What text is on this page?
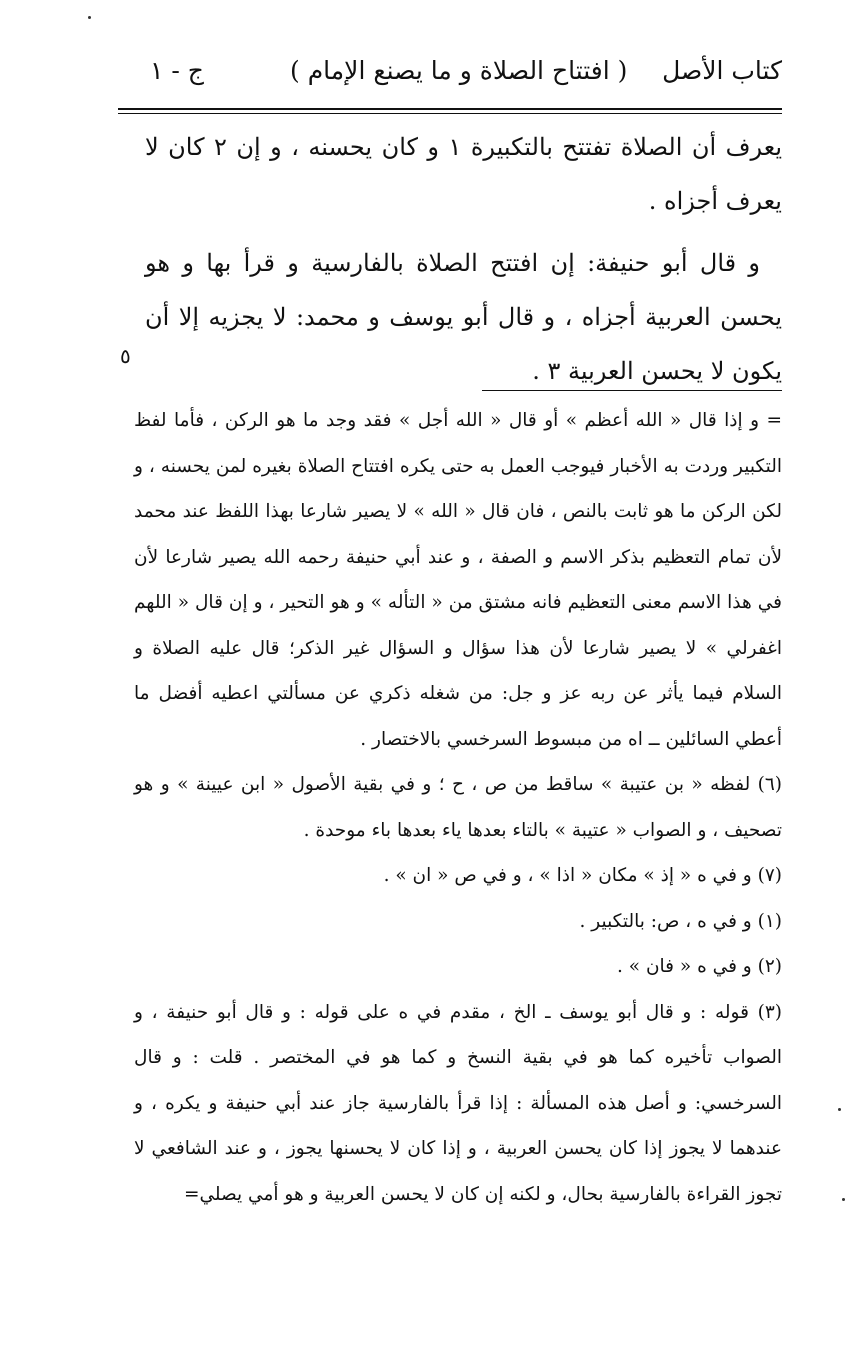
كتاب الأصل
( افتتاح الصلاة و ما يصنع الإمام )
ج - ١

يعرف أن الصلاة تفتتح بالتكبيرة ١ و كان يحسنه ، و إن ٢ كان لا يعرف أجزاه .

و قال أبو حنيفة: إن افتتح الصلاة بالفارسية و قرأ بها و هو يحسن العربية أجزاه ، و قال أبو يوسف و محمد: لا يجزيه إلا أن يكون لا يحسن العربية ٣ .

٥

= و إذا قال « الله أعظم » أو قال « الله أجل » فقد وجد ما هو الركن ، فأما لفظ التكبير وردت به الأخبار فيوجب العمل به حتى يكره افتتاح الصلاة بغيره لمن يحسنه ، و لكن الركن ما هو ثابت بالنص ، فان قال « الله » لا يصير شارعا بهذا اللفظ عند محمد لأن تمام التعظيم بذكر الاسم و الصفة ، و عند أبي حنيفة رحمه الله يصير شارعا لأن في هذا الاسم معنى التعظيم فانه مشتق من « التأله » و هو التحير ، و إن قال « اللهم اغفرلي » لا يصير شارعا لأن هذا سؤال و السؤال غير الذكر؛ قال عليه الصلاة و السلام فيما يأثر عن ربه عز و جل: من شغله ذكري عن مسألتي اعطيه أفضل ما أعطي السائلين ــ اه من مبسوط السرخسي بالاختصار .

(٦) لفظه « بن عتيبة » ساقط من ص ، ح ؛ و في بقية الأصول « ابن عيينة » و هو تصحيف ، و الصواب « عتيبة » بالتاء بعدها ياء بعدها باء موحدة .

(٧) و في ه « إذ » مكان « اذا » ، و في ص « ان » .

(١) و في ه ، ص: بالتكبير .

(٢) و في ه « فان » .

(٣) قوله : و قال أبو يوسف ـ الخ ، مقدم في ه على قوله : و قال أبو حنيفة ، و الصواب تأخيره كما هو في بقية النسخ و كما هو في المختصر . قلت : و قال السرخسي: و أصل هذه المسألة : إذا قرأ بالفارسية جاز عند أبي حنيفة و يكره ، و عندهما لا يجوز إذا كان يحسن العربية ، و إذا كان لا يحسنها يجوز ، و عند الشافعي لا تجوز القراءة بالفارسية بحال، و لكنه إن كان لا يحسن العربية و هو أمي يصلي=
